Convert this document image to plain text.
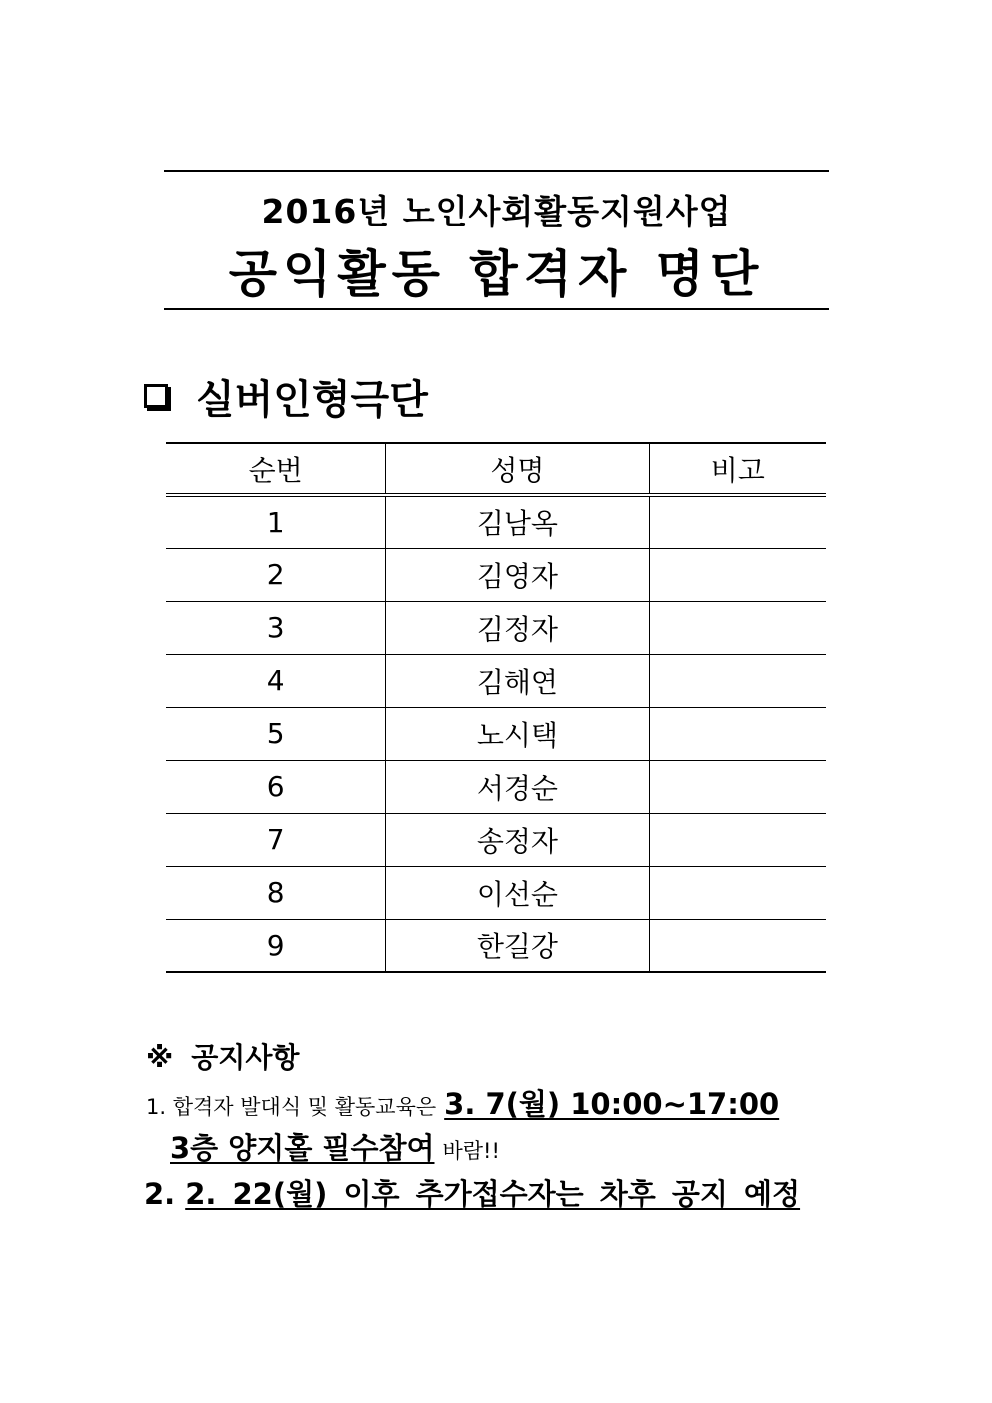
2016년 노인사회활동지원사업
공익활동 합격자 명단
실버인형극단
순번	성명	비고
1	김남옥	
2	김영자	
3	김정자	
4	김해연	
5	노시택	
6	서경순	
7	송정자	
8	이선순	
9	한길강	
※ 공지사항
1. 합격자 발대식 및 활동교육은 3. 7(월) 10:00~17:00
3층 양지홀 필수참여 바람!!
2. 2. 22(월) 이후 추가접수자는 차후 공지 예정
